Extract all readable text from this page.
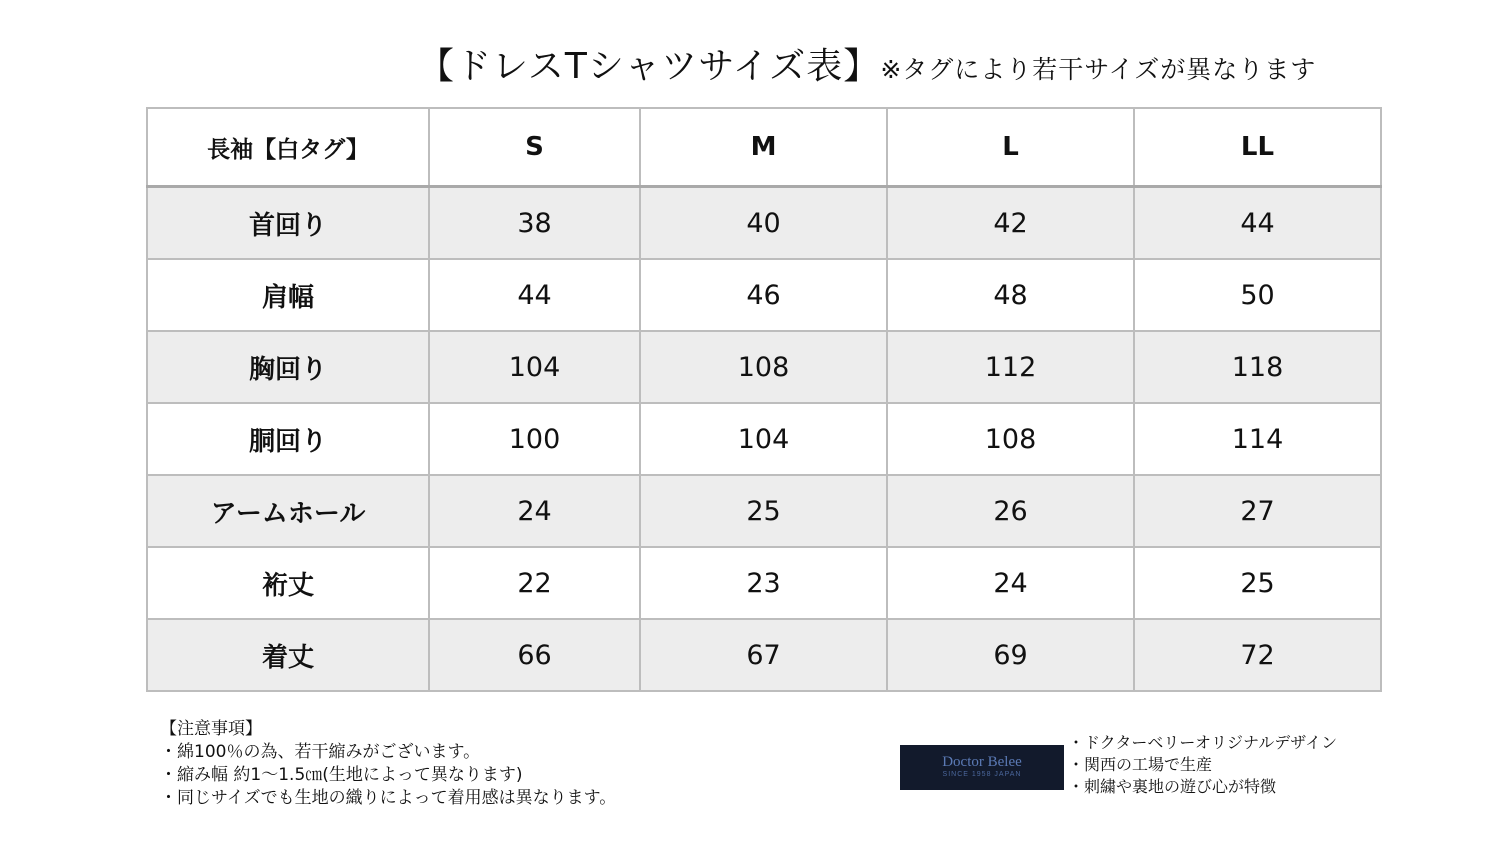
【ドレスTシャツサイズ表】※タグにより若干サイズが異なります
長袖【白タグ】	S	M	L	LL
首回り	38	40	42	44
肩幅	44	46	48	50
胸回り	104	108	112	118
胴回り	100	104	108	114
アームホール	24	25	26	27
裄丈	22	23	24	25
着丈	66	67	69	72
【注意事項】
・綿100％の為、若干縮みがございます。
・縮み幅 約1～1.5㎝(生地によって異なります)
・同じサイズでも生地の織りによって着用感は異なります。
Doctor Belee
SINCE 1958 JAPAN
・ドクターベリーオリジナルデザイン
・関西の工場で生産
・刺繍や裏地の遊び心が特徴
